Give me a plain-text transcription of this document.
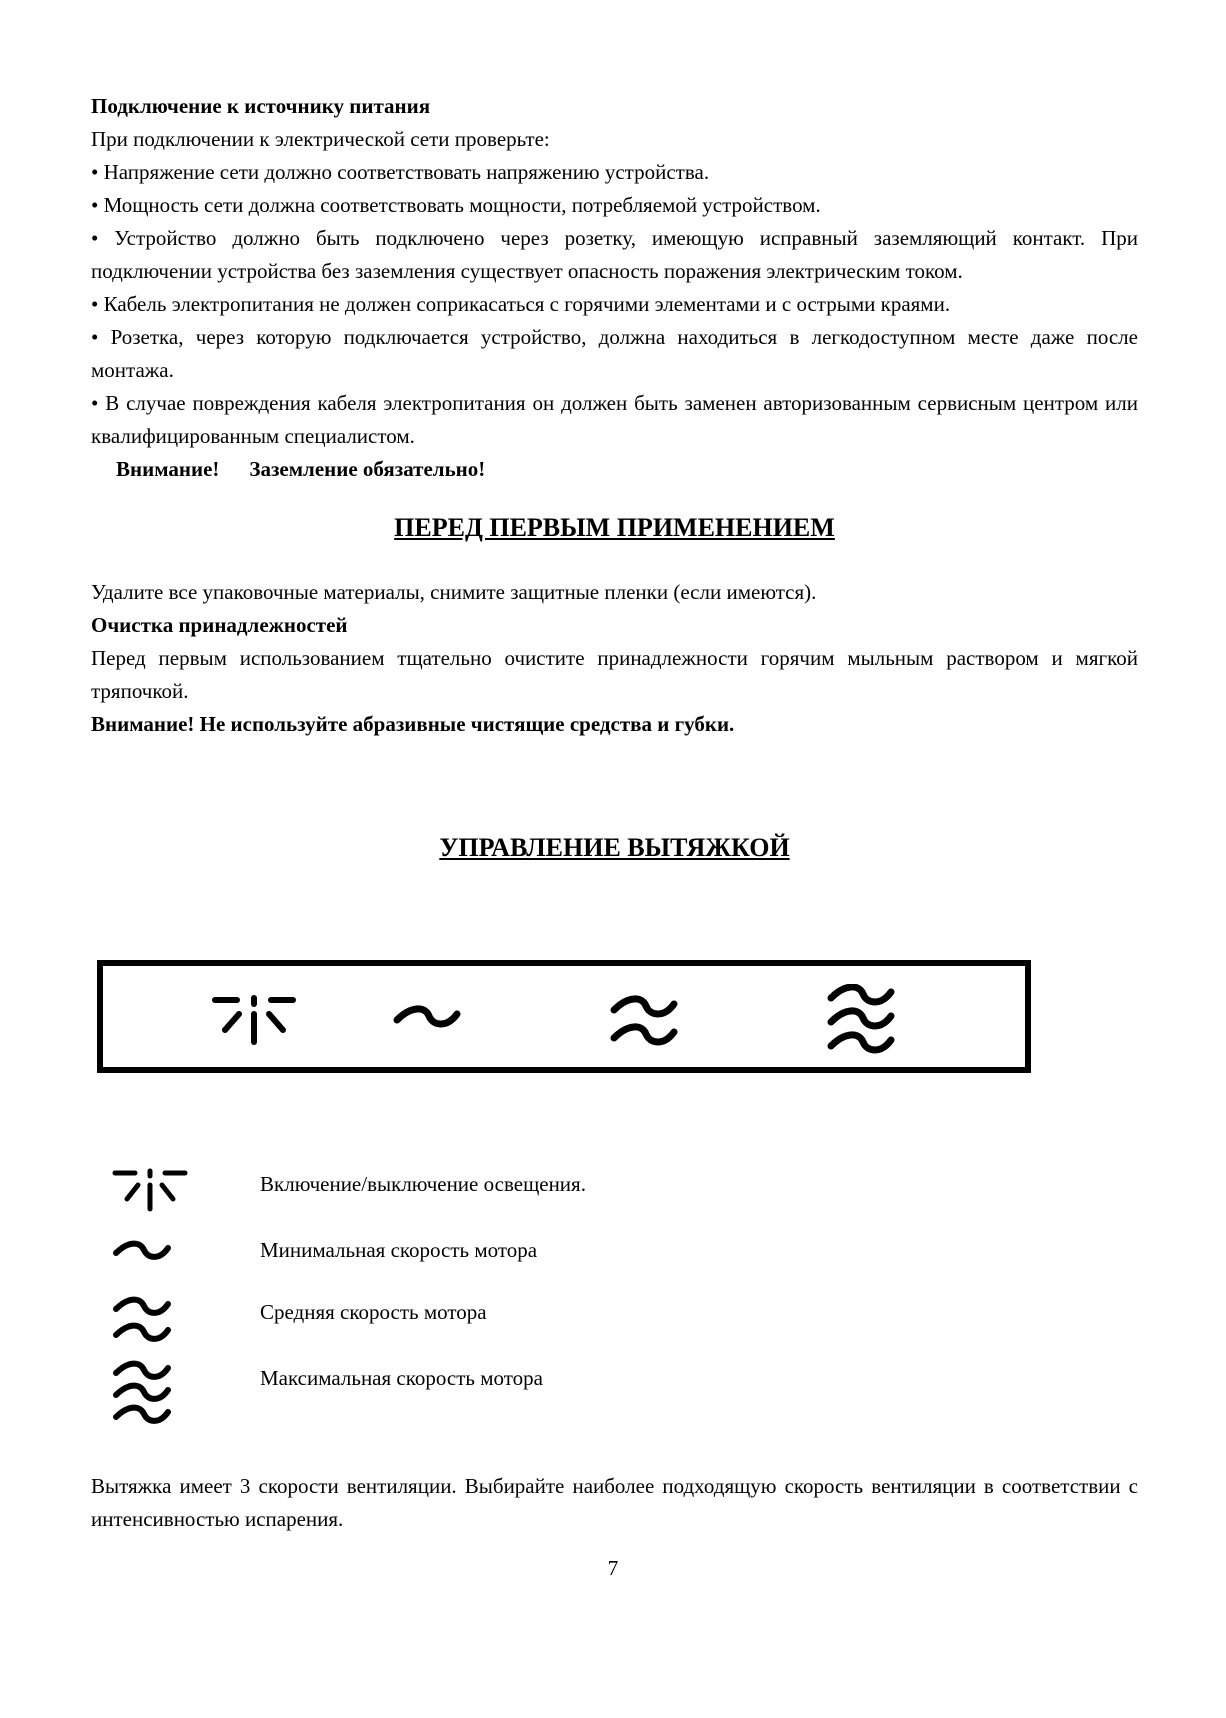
Подключение к источнику питания

При подключении к электрической сети проверьте:

• Напряжение сети должно соответствовать напряжению устройства.

• Мощность сети должна соответствовать мощности, потребляемой устройством.

• Устройство должно быть подключено через розетку, имеющую исправный заземляющий контакт. При подключении устройства без заземления существует опасность поражения электрическим током.

• Кабель электропитания не должен соприкасаться с горячими элементами и с острыми краями.

• Розетка, через которую подключается устройство, должна находиться в легкодоступном месте даже после монтажа.

• В случае повреждения кабеля электропитания он должен быть заменен авторизованным сервисным центром или квалифицированным специалистом.

Внимание! Заземление обязательно!

ПЕРЕД ПЕРВЫМ ПРИМЕНЕНИЕМ

Удалите все упаковочные материалы, снимите защитные пленки (если имеются).

Очистка принадлежностей

Перед первым использованием тщательно очистите принадлежности горячим мыльным раствором и мягкой тряпочкой.

Внимание! Не используйте абразивные чистящие средства и губки.

УПРАВЛЕНИЕ ВЫТЯЖКОЙ
Включение/выключение освещения.
Минимальная скорость мотора
Средняя скорость мотора
Максимальная скорость мотора

Вытяжка имеет 3 скорости вентиляции. Выбирайте наиболее подходящую скорость вентиляции в соответствии с интенсивностью испарения.

7
